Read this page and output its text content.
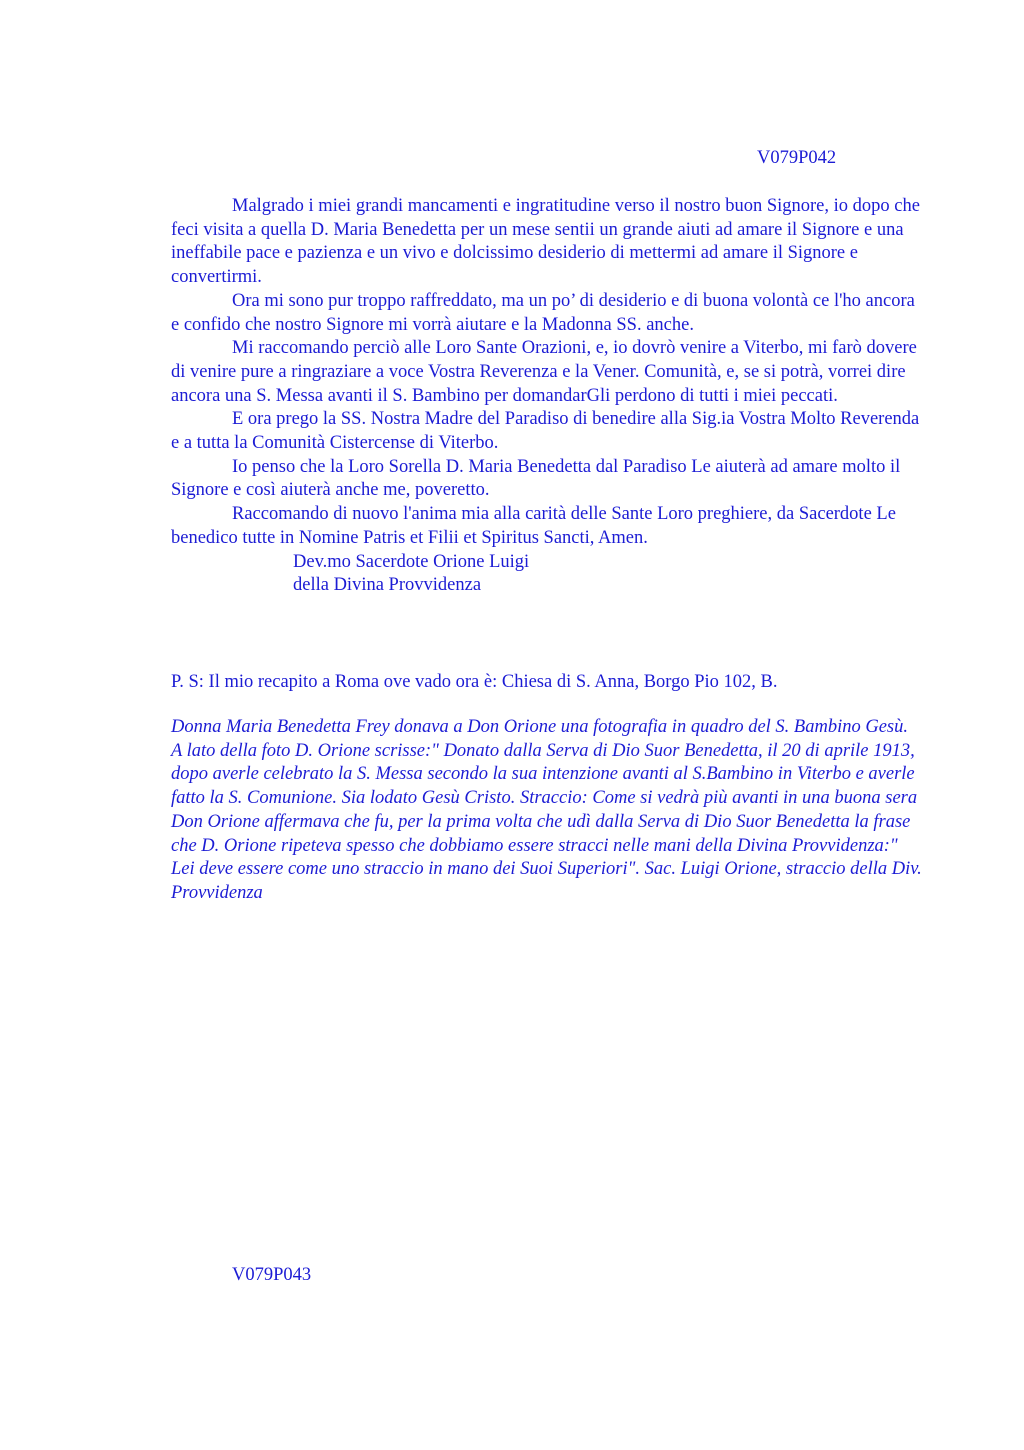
V079P042

Malgrado i miei grandi mancamenti e ingratitudine verso il nostro buon Signore, io dopo che feci visita a quella D. Maria Benedetta per un mese sentii un grande aiuti ad amare il Signore e una ineffabile pace e pazienza e un vivo e dolcissimo desiderio di mettermi ad amare il Signore e convertirmi.

Ora mi sono pur troppo raffreddato, ma un po’ di desiderio e di buona volontà ce l'ho ancora e confido che nostro Signore mi vorrà aiutare e la Madonna SS. anche.

Mi raccomando perciò alle Loro Sante Orazioni, e, io dovrò venire a Viterbo, mi farò dovere di venire pure a ringraziare a voce Vostra Reverenza e la Vener. Comunità, e, se si potrà, vorrei dire ancora una S. Messa avanti il S. Bambino per domandarGli perdono di tutti i miei peccati.

E ora prego la SS. Nostra Madre del Paradiso di benedire alla Sig.ia Vostra Molto Reverenda e a tutta la Comunità Cistercense di Viterbo.

Io penso che la Loro Sorella D. Maria Benedetta dal Paradiso Le aiuterà ad amare molto il Signore e così aiuterà anche me, poveretto.

Raccomando di nuovo l'anima mia alla carità delle Sante Loro preghiere, da Sacerdote Le benedico tutte in Nomine Patris et Filii et Spiritus Sancti, Amen.

Dev.mo Sacerdote Orione Luigi

della Divina Provvidenza

P. S: Il mio recapito a Roma ove vado ora è: Chiesa di S. Anna, Borgo Pio 102, B.

Donna Maria Benedetta Frey donava a Don Orione una fotografia in quadro del S. Bambino Gesù. A lato della foto D. Orione scrisse:" Donato dalla Serva di Dio Suor Benedetta, il 20 di aprile 1913, dopo averle celebrato la S. Messa secondo la sua intenzione avanti al S.Bambino in Viterbo e averle fatto la S. Comunione. Sia lodato Gesù Cristo. Straccio: Come si vedrà più avanti in una buona sera Don Orione affermava che fu, per la prima volta che udì dalla Serva di Dio Suor Benedetta la frase che D. Orione ripeteva spesso che dobbiamo essere stracci nelle mani della Divina Provvidenza:" Lei deve essere come uno straccio in mano dei Suoi Superiori". Sac. Luigi Orione, straccio della Div. Provvidenza

V079P043
